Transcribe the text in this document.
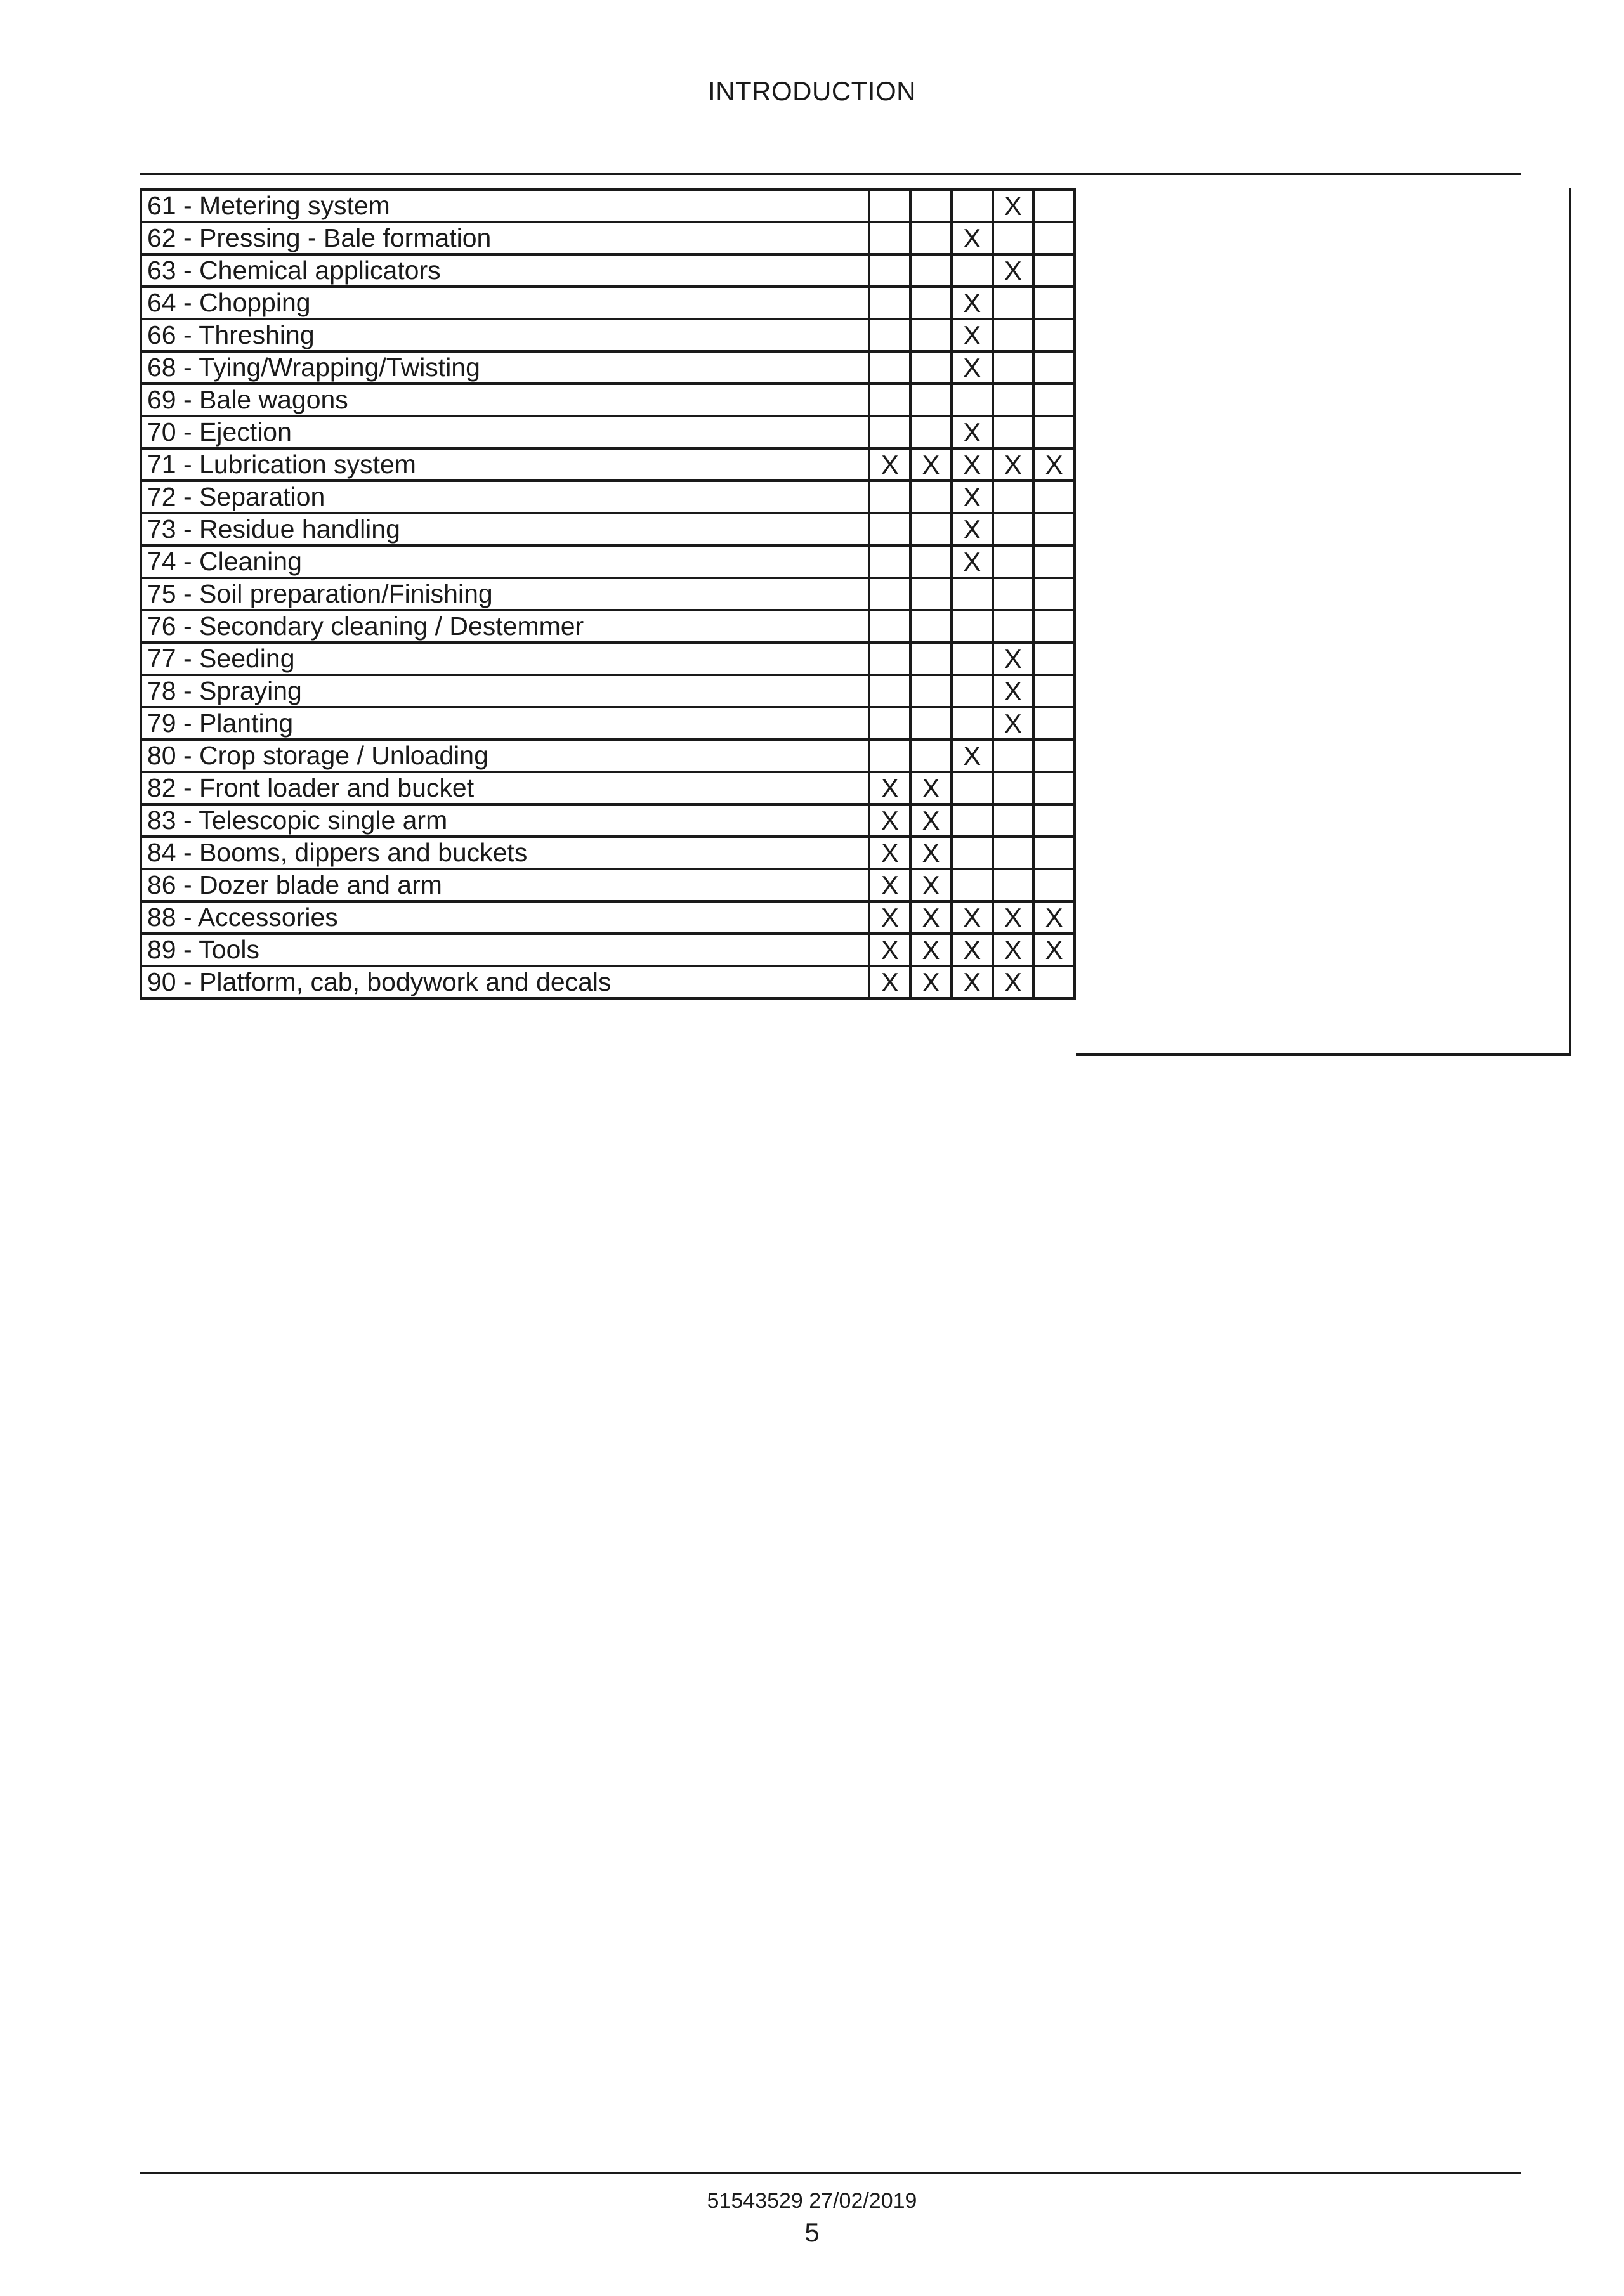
INTRODUCTION
61 - Metering system				X	
62 - Pressing - Bale formation			X		
63 - Chemical applicators				X	
64 - Chopping			X		
66 - Threshing			X		
68 - Tying/Wrapping/Twisting			X		
69 - Bale wagons					
70 - Ejection			X		
71 - Lubrication system	X	X	X	X	X
72 - Separation			X		
73 - Residue handling			X		
74 - Cleaning			X		
75 - Soil preparation/Finishing					
76 - Secondary cleaning / Destemmer					
77 - Seeding				X	
78 - Spraying				X	
79 - Planting				X	
80 - Crop storage / Unloading			X		
82 - Front loader and bucket	X	X			
83 - Telescopic single arm	X	X			
84 - Booms, dippers and buckets	X	X			
86 - Dozer blade and arm	X	X			
88 - Accessories	X	X	X	X	X
89 - Tools	X	X	X	X	X
90 - Platform, cab, bodywork and decals	X	X	X	X	
51543529 27/02/2019
5
